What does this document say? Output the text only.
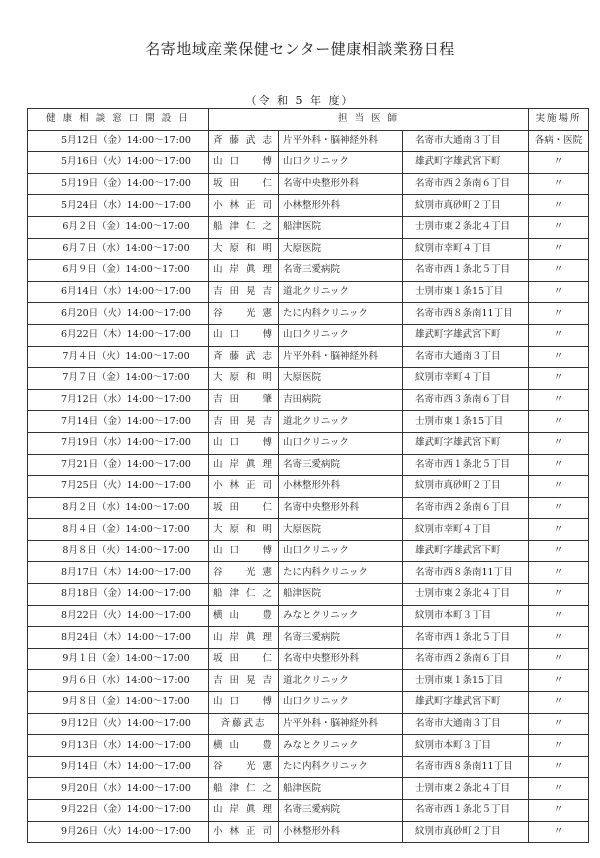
名寄地域産業保健センター健康相談業務日程
（令 和 5 年 度）
健 康 相 談 窓 口 開 設 日	担 当 医 師			実施場所
5月12日（金）14:00～17:00	斉 藤 武 志	片平外科・脳神経外科	名寄市大通南３丁目	各病・医院
5月16日（火）14:00～17:00	山 口 　 傅	山口クリニック	雄武町字雄武宮下町	〃
5月19日（金）14:00～17:00	坂 田 　 仁	名寄中央整形外科	名寄市西２条南６丁目	〃
5月24日（水）14:00～17:00	小 林 正 司	小林整形外科	紋別市真砂町２丁目	〃
6月２日（金）14:00～17:00	船 津 仁 之	船津医院	士別市東２条北４丁目	〃
6月７日（水）14:00～17:00	大 原 和 明	大原医院	紋別市幸町４丁目	〃
6月９日（金）14:00～17:00	山 岸 眞 理	名寄三愛病院	名寄市西１条北５丁目	〃
6月14日（水）14:00～17:00	吉 田 晃 吉	道北クリニック	士別市東１条15丁目	〃
6月20日（火）14:00～17:00	谷 　 光 憲	たに内科クリニック	名寄市西８条南11丁目	〃
6月22日（木）14:00～17:00	山 口 　 傅	山口クリニック	雄武町字雄武宮下町	〃
7月４日（火）14:00～17:00	斉 藤 武 志	片平外科・脳神経外科	名寄市大通南３丁目	〃
7月７日（金）14:00～17:00	大 原 和 明	大原医院	紋別市幸町４丁目	〃
7月12日（水）14:00～17:00	吉 田 　 肇	吉田病院	名寄市西３条南６丁目	〃
7月14日（金）14:00～17:00	吉 田 晃 吉	道北クリニック	士別市東１条15丁目	〃
7月19日（水）14:00～17:00	山 口 　 傅	山口クリニック	雄武町字雄武宮下町	〃
7月21日（金）14:00～17:00	山 岸 眞 理	名寄三愛病院	名寄市西１条北５丁目	〃
7月25日（火）14:00～17:00	小 林 正 司	小林整形外科	紋別市真砂町２丁目	〃
8月２日（水）14:00～17:00	坂 田 　 仁	名寄中央整形外科	名寄市西２条南６丁目	〃
8月４日（金）14:00～17:00	大 原 和 明	大原医院	紋別市幸町４丁目	〃
8月８日（火）14:00～17:00	山 口 　 傅	山口クリニック	雄武町字雄武宮下町	〃
8月17日（木）14:00～17:00	谷 　 光 憲	たに内科クリニック	名寄市西８条南11丁目	〃
8月18日（金）14:00～17:00	船 津 仁 之	船津医院	士別市東２条北４丁目	〃
8月22日（火）14:00～17:00	横 山 　 豊	みなとクリニック	紋別市本町３丁目	〃
8月24日（木）14:00～17:00	山 岸 眞 理	名寄三愛病院	名寄市西１条北５丁目	〃
9月１日（金）14:00～17:00	坂 田 　 仁	名寄中央整形外科	名寄市西２条南６丁目	〃
9月６日（水）14:00～17:00	吉 田 晃 吉	道北クリニック	士別市東１条15丁目	〃
9月８日（金）14:00～17:00	山 口 　 傅	山口クリニック	雄武町字雄武宮下町	〃
9月12日（火）14:00～17:00	斉藤武志	片平外科・脳神経外科	名寄市大通南３丁目	〃
9月13日（水）14:00～17:00	横 山 　 豊	みなとクリニック	紋別市本町３丁目	〃
9月14日（木）14:00～17:00	谷 　 光 憲	たに内科クリニック	名寄市西８条南11丁目	〃
9月20日（水）14:00～17:00	船 津 仁 之	船津医院	士別市東２条北４丁目	〃
9月22日（金）14:00～17:00	山 岸 眞 理	名寄三愛病院	名寄市西１条北５丁目	〃
9月26日（火）14:00～17:00	小 林 正 司	小林整形外科	紋別市真砂町２丁目	〃
